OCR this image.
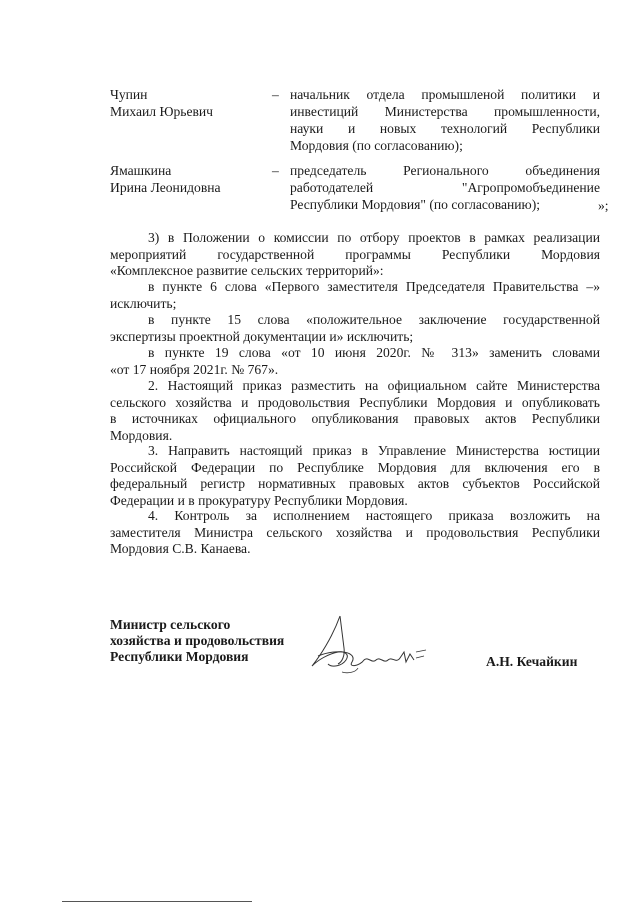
Чупин
Михаил Юрьевич
– начальник отдела промышленой политики и
инвестиций Министерства промышленности,
науки и новых технологий Республики
Мордовия (по согласованию);
Ямашкина
Ирина Леонидовна
– председатель Регионального объединения
работодателей "Агропромобъединение
Республики Мордовия" (по согласованию);	»;
3) в Положении о комиссии по отбору проектов в рамках реализации
мероприятий государственной программы Республики Мордовия
«Комплексное развитие сельских территорий»:
в пункте 6 слова «Первого заместителя Председателя Правительства –»
исключить;
в пункте 15 слова «положительное заключение государственной
экспертизы проектной документации и» исключить;
в пункте 19 слова «от 10 июня 2020г. № 313» заменить словами
«от 17 ноября 2021г. № 767».
2. Настоящий приказ разместить на официальном сайте Министерства
сельского хозяйства и продовольствия Республики Мордовия и опубликовать
в источниках официального опубликования правовых актов Республики
Мордовия.
3. Направить настоящий приказ в Управление Министерства юстиции
Российской Федерации по Республике Мордовия для включения его в
федеральный регистр нормативных правовых актов субъектов Российской
Федерации и в прокуратуру Республики Мордовия.
4. Контроль за исполнением настоящего приказа возложить на
заместителя Министра сельского хозяйства и продовольствия Республики
Мордовия С.В. Канаева.
Министр сельского
хозяйства и продовольствия
Республики Мордовия	А.Н. Кечайкин
